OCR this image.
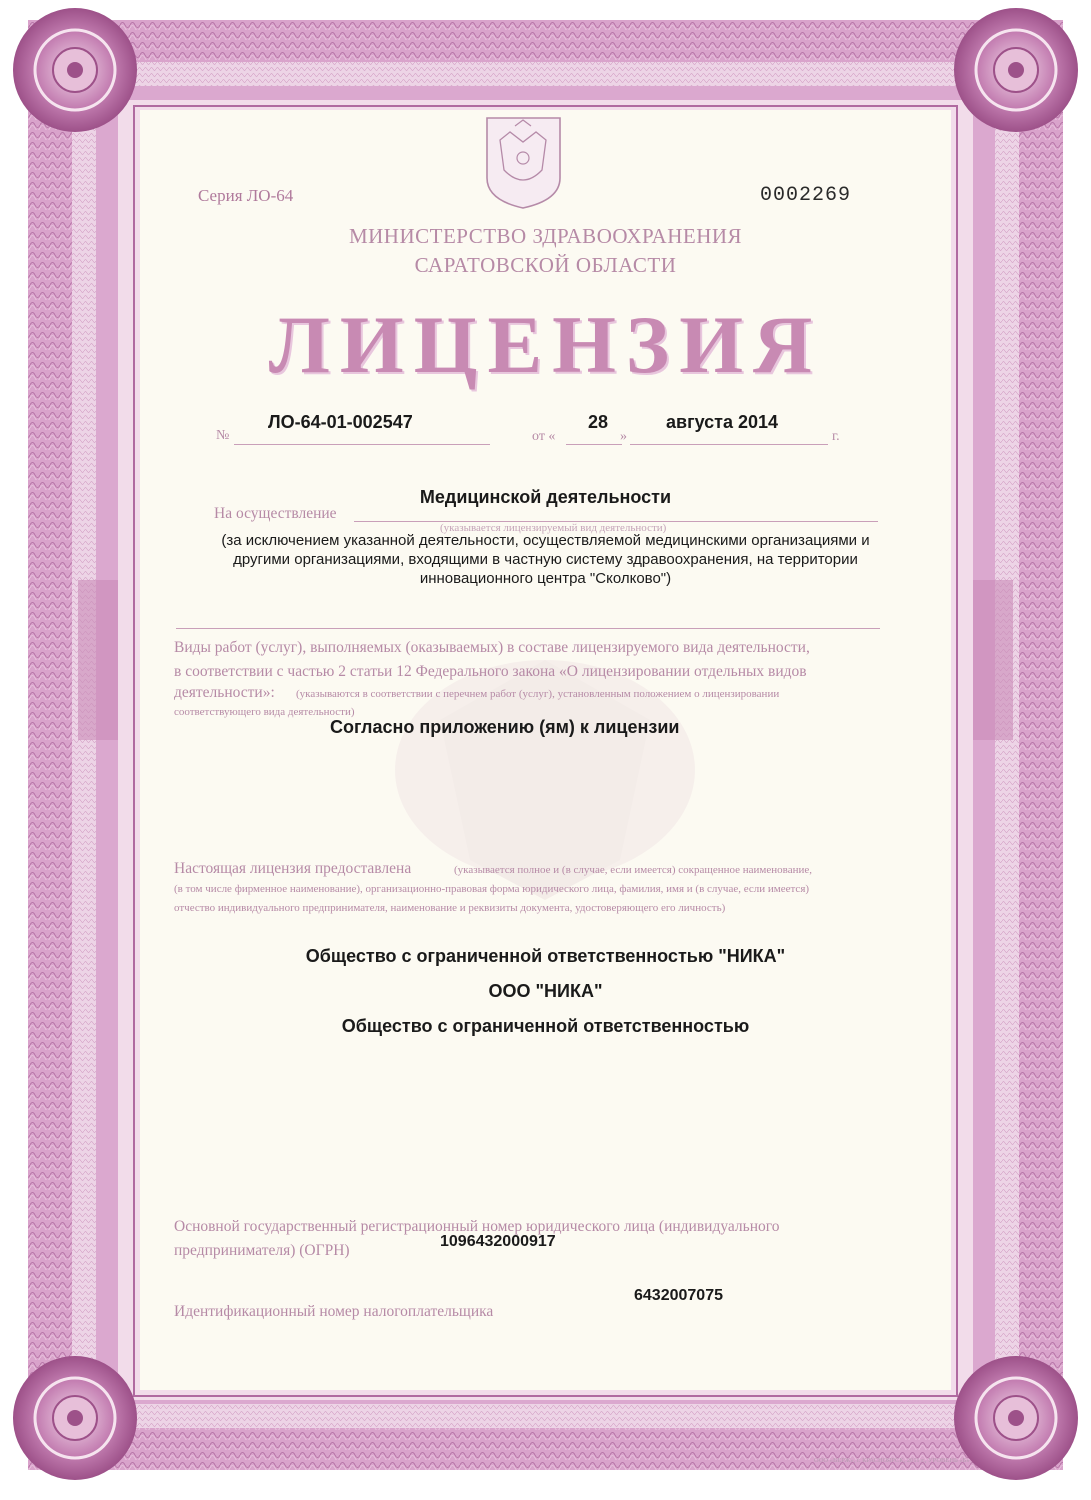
Серия ЛО-64	0002269
МИНИСТЕРСТВО ЗДРАВООХРАНЕНИЯ
САРАТОВСКОЙ ОБЛАСТИ
ЛИЦЕНЗИЯ
№
ЛО-64-01-002547
от «
28
»
августа 2014
г.
Медицинской деятельности
На осуществление
(указывается лицензируемый вид деятельности)
(за исключением указанной деятельности, осуществляемой медицинскими организациями и
другими организациями, входящими в частную систему здравоохранения, на территории
инновационного центра "Сколково")
Виды работ (услуг), выполняемых (оказываемых) в составе лицензируемого вида деятельности,
в соответствии с частью 2 статьи 12 Федерального закона «О лицензировании отдельных видов
деятельности»: (указываются в соответствии с перечнем работ (услуг), установленным положением о лицензировании
соответствующего вида деятельности)
Согласно приложению (ям) к лицензии
Настоящая лицензия предоставлена	(указывается полное и (в случае, если имеется) сокращенное наименование,
(в том числе фирменное наименование), организационно-правовая форма юридического лица, фамилия, имя и (в случае, если имеется)
отчество индивидуального предпринимателя, наименование и реквизиты документа, удостоверяющего его личность)
Общество с ограниченной ответственностью "НИКА"
ООО "НИКА"
Общество с ограниченной ответственностью
Основной государственный регистрационный номер юридического лица (индивидуального
предпринимателя) (ОГРН)
1096432000917
6432007075
Идентификационный номер налогоплательщика
ООО «ВЕРЖ», г. КРАСНОЯРСК, 2011 г., УРОВЕНЬ «Б»
